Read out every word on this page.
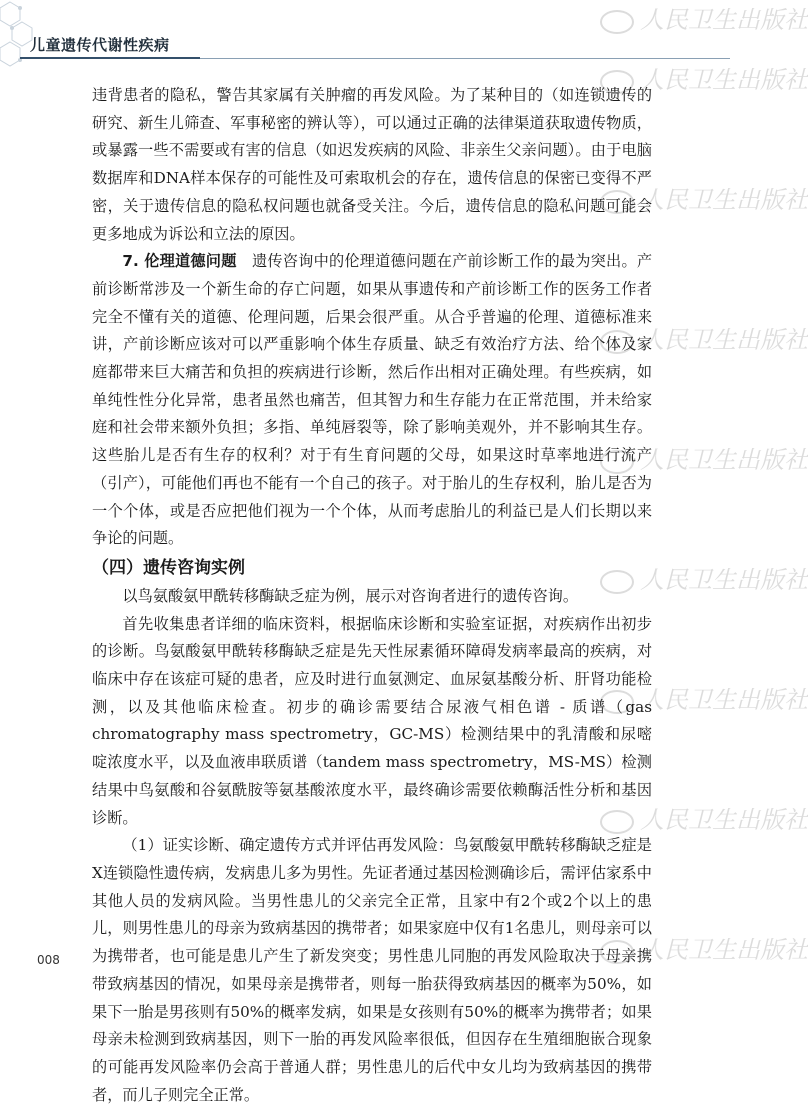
儿童遗传代谢性疾病
人民卫生出版社
人民卫生出版社
人民卫生出版社
人民卫生出版社
人民卫生出版社
人民卫生出版社
人民卫生出版社
人民卫生出版社
人民卫生出版社

违背患者的隐私，警告其家属有关肿瘤的再发风险。为了某种目的（如连锁遗传的研究、新生儿筛查、军事秘密的辨认等），可以通过正确的法律渠道获取遗传物质，或暴露一些不需要或有害的信息（如迟发疾病的风险、非亲生父亲问题）。由于电脑数据库和DNA样本保存的可能性及可索取机会的存在，遗传信息的保密已变得不严密，关于遗传信息的隐私权问题也就备受关注。今后，遗传信息的隐私问题可能会更多地成为诉讼和立法的原因。

7. 伦理道德问题　 遗传咨询中的伦理道德问题在产前诊断工作的最为突出。产前诊断常涉及一个新生命的存亡问题，如果从事遗传和产前诊断工作的医务工作者完全不懂有关的道德、伦理问题，后果会很严重。从合乎普遍的伦理、道德标准来讲，产前诊断应该对可以严重影响个体生存质量、缺乏有效治疗方法、给个体及家庭都带来巨大痛苦和负担的疾病进行诊断，然后作出相对正确处理。有些疾病，如单纯性性分化异常，患者虽然也痛苦，但其智力和生存能力在正常范围，并未给家庭和社会带来额外负担；多指、单纯唇裂等，除了影响美观外，并不影响其生存。这些胎儿是否有生存的权利？对于有生育问题的父母，如果这时草率地进行流产（引产），可能他们再也不能有一个自己的孩子。对于胎儿的生存权利，胎儿是否为一个个体，或是否应把他们视为一个个体，从而考虑胎儿的利益已是人们长期以来争论的问题。

（四）遗传咨询实例

以鸟氨酸氨甲酰转移酶缺乏症为例，展示对咨询者进行的遗传咨询。

首先收集患者详细的临床资料，根据临床诊断和实验室证据，对疾病作出初步的诊断。鸟氨酸氨甲酰转移酶缺乏症是先天性尿素循环障碍发病率最高的疾病，对临床中存在该症可疑的患者，应及时进行血氨测定、血尿氨基酸分析、肝肾功能检测，以及其他临床检查。初步的确诊需要结合尿液气相色谱 - 质谱（gas chromatography mass spectrometry，GC-MS）检测结果中的乳清酸和尿嘧啶浓度水平，以及血液串联质谱（tandem mass spectrometry，MS-MS）检测结果中鸟氨酸和谷氨酰胺等氨基酸浓度水平，最终确诊需要依赖酶活性分析和基因诊断。

（1）证实诊断、确定遗传方式并评估再发风险：鸟氨酸氨甲酰转移酶缺乏症是X连锁隐性遗传病，发病患儿多为男性。先证者通过基因检测确诊后，需评估家系中其他人员的发病风险。当男性患儿的父亲完全正常，且家中有2个或2个以上的患儿，则男性患儿的母亲为致病基因的携带者；如果家庭中仅有1名患儿，则母亲可以为携带者，也可能是患儿产生了新发突变；男性患儿同胞的再发风险取决于母亲携带致病基因的情况，如果母亲是携带者，则每一胎获得致病基因的概率为50%，如果下一胎是男孩则有50%的概率发病，如果是女孩则有50%的概率为携带者；如果母亲未检测到致病基因，则下一胎的再发风险率很低，但因存在生殖细胞嵌合现象的可能再发风险率仍会高于普通人群；男性患儿的后代中女儿均为致病基因的携带者，而儿子则完全正常。

008
